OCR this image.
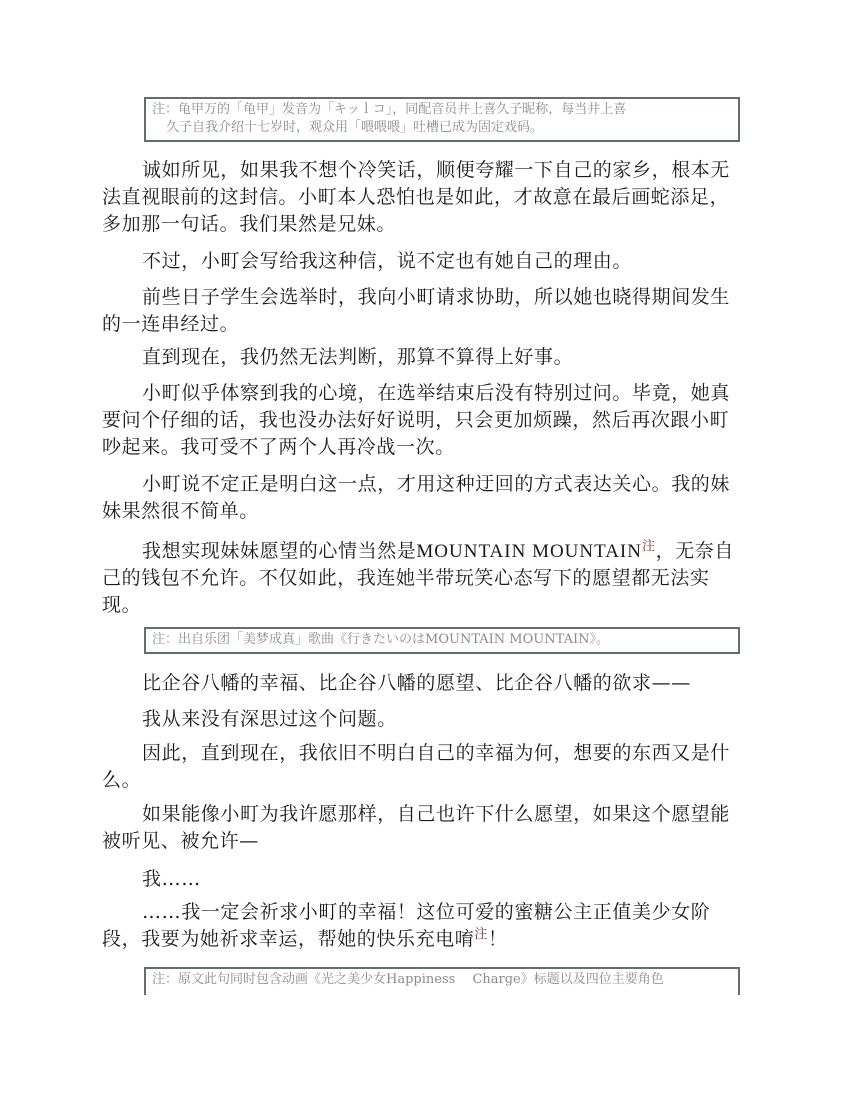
注：龟甲万的「龟甲」发音为「キッｌコ」，同配音员井上喜久子昵称，每当井上喜
久子自我介绍十七岁时，观众用「喂喂喂」吐槽已成为固定戏码。

诚如所见，如果我不想个冷笑话，顺便夸耀一下自己的家乡，根本无法直视眼前的这封信。小町本人恐怕也是如此，才故意在最后画蛇添足，多加那一句话。我们果然是兄妹。

不过，小町会写给我这种信，说不定也有她自己的理由。

前些日子学生会选举时，我向小町请求协助，所以她也晓得期间发生的一连串经过。

直到现在，我仍然无法判断，那算不算得上好事。

小町似乎体察到我的心境，在选举结束后没有特别过问。毕竟，她真要问个仔细的话，我也没办法好好说明，只会更加烦躁，然后再次跟小町吵起来。我可受不了两个人再冷战一次。

小町说不定正是明白这一点，才用这种迂回的方式表达关心。我的妹妹果然很不简单。

我想实现妹妹愿望的心情当然是MOUNTAIN $MOUNTAIN^注$，无奈自己的钱包不允许。不仅如此，我连她半带玩笑心态写下的愿望都无法实现。

注：出自乐团「美梦成真」歌曲《行きたいのはMOUNTAIN MOUNTAIN》。

比企谷八幡的幸福、比企谷八幡的愿望、比企谷八幡的欲求——

我从来没有深思过这个问题。

因此，直到现在，我依旧不明白自己的幸福为何，想要的东西又是什么。

如果能像小町为我许愿那样，自己也许下什么愿望，如果这个愿望能被听见、被允许—

我……

……我一定会祈求小町的幸福！这位可爱的蜜糖公主正值美少女阶段，我要为她祈求幸运，帮她的快乐充电唷$^注$！

注：原文此句同时包含动画《光之美少女Happiness　 Charge》标题以及四位主要角色
